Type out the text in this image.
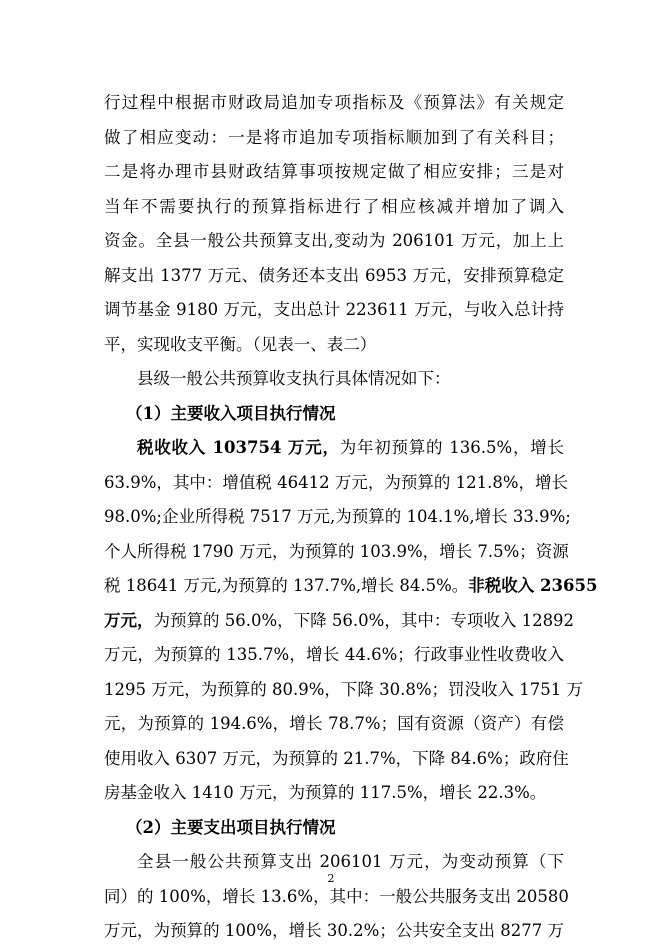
行过程中根据市财政局追加专项指标及《预算法》有关规定
做了相应变动：一是将市追加专项指标顺加到了有关科目；
二是将办理市县财政结算事项按规定做了相应安排；三是对
当年不需要执行的预算指标进行了相应核减并增加了调入
资金。全县一般公共预算支出,变动为 206101 万元，加上上
解支出 1377 万元、债务还本支出 6953 万元，安排预算稳定
调节基金 9180 万元，支出总计 223611 万元，与收入总计持
平，实现收支平衡。（见表一、表二）
县级一般公共预算收支执行具体情况如下：
（1）主要收入项目执行情况
税收收入 103754 万元，为年初预算的 136.5%，增长
63.9%，其中：增值税 46412 万元，为预算的 121.8%，增长
98.0%;企业所得税 7517 万元,为预算的 104.1%,增长 33.9%;
个人所得税 1790 万元，为预算的 103.9%，增长 7.5%；资源
税 18641 万元,为预算的 137.7%,增长 84.5%。非税收入 23655
万元，为预算的 56.0%，下降 56.0%，其中：专项收入 12892
万元，为预算的 135.7%，增长 44.6%；行政事业性收费收入
1295 万元，为预算的 80.9%，下降 30.8%；罚没收入 1751 万
元，为预算的 194.6%，增长 78.7%；国有资源（资产）有偿
使用收入 6307 万元，为预算的 21.7%，下降 84.6%；政府住
房基金收入 1410 万元，为预算的 117.5%，增长 22.3%。
（2）主要支出项目执行情况
全县一般公共预算支出 206101 万元，为变动预算（下
同）的 100%，增长 13.6%，其中：一般公共服务支出 20580
万元，为预算的 100%，增长 30.2%；公共安全支出 8277 万
2
